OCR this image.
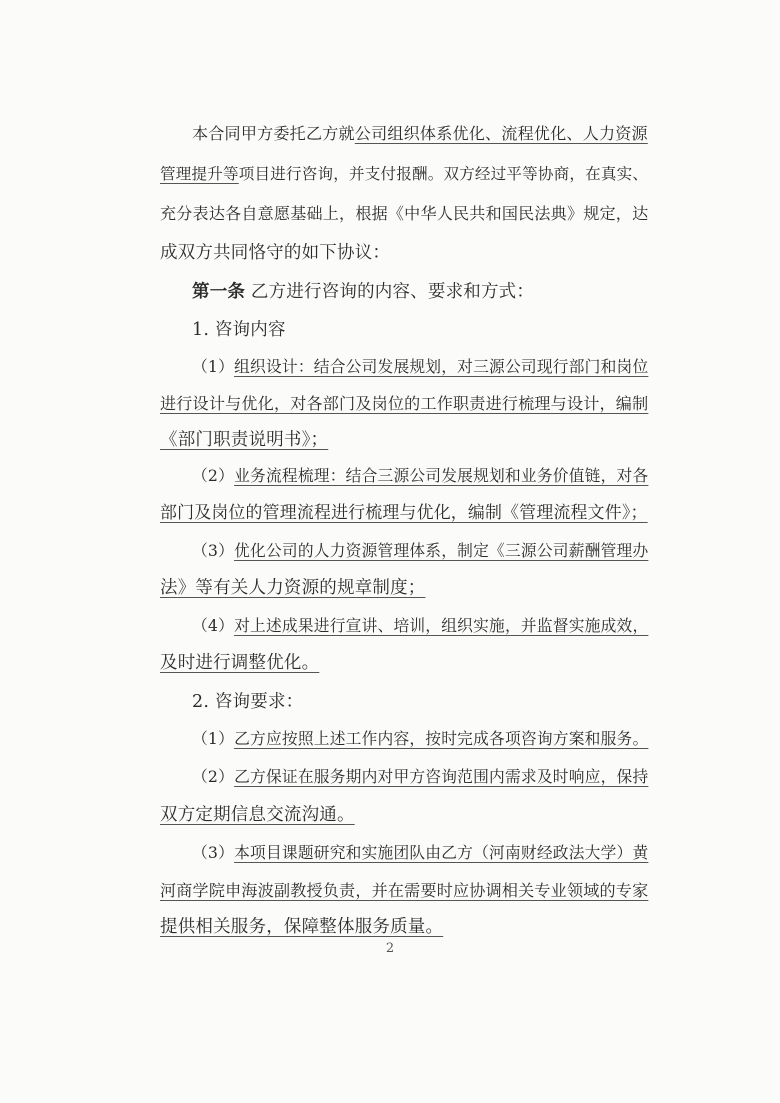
本合同甲方委托乙方就公司组织体系优化、流程优化、人力资源
管理提升等项目进行咨询，并支付报酬。双方经过平等协商，在真实、
充分表达各自意愿基础上，根据《中华人民共和国民法典》规定，达
成双方共同恪守的如下协议：
第一条 乙方进行咨询的内容、要求和方式：
1. 咨询内容
（1）组织设计：结合公司发展规划，对三源公司现行部门和岗位
进行设计与优化，对各部门及岗位的工作职责进行梳理与设计，编制
《部门职责说明书》；
（2）业务流程梳理：结合三源公司发展规划和业务价值链，对各
部门及岗位的管理流程进行梳理与优化，编制《管理流程文件》；
（3）优化公司的人力资源管理体系，制定《三源公司薪酬管理办
法》等有关人力资源的规章制度；
（4）对上述成果进行宣讲、培训，组织实施，并监督实施成效，
及时进行调整优化。
2. 咨询要求：
（1）乙方应按照上述工作内容，按时完成各项咨询方案和服务。
（2）乙方保证在服务期内对甲方咨询范围内需求及时响应，保持
双方定期信息交流沟通。
（3）本项目课题研究和实施团队由乙方（河南财经政法大学）黄
河商学院申海波副教授负责，并在需要时应协调相关专业领域的专家
提供相关服务，保障整体服务质量。
2
